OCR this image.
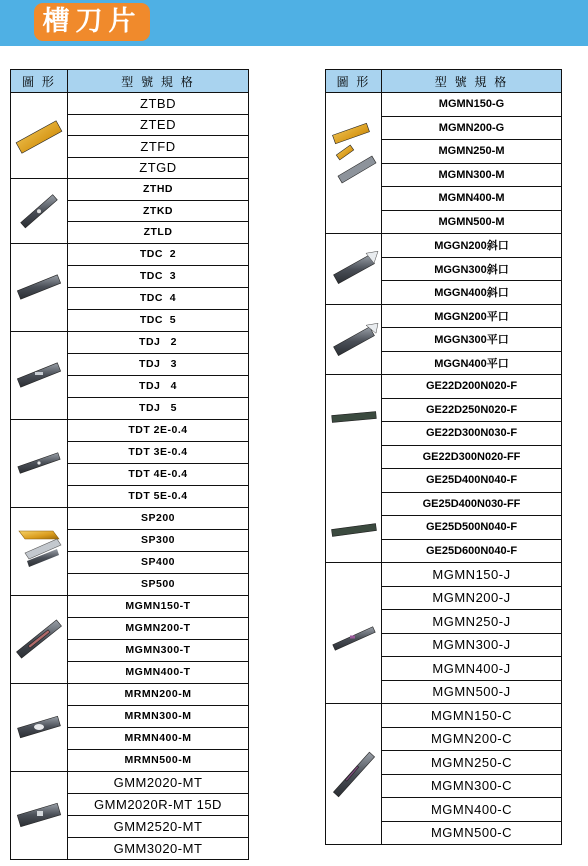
槽刀片
圖 形	型 號 規 格

	ZTBD
	ZTED
	ZTFD
	ZTGD

	ZTHD
	ZTKD
	ZTLD

	TDC  2
	TDC  3
	TDC  4
	TDC  5

	TDJ   2
	TDJ   3
	TDJ   4
	TDJ   5

	TDT 2E-0.4
	TDT 3E-0.4
	TDT 4E-0.4
	TDT 5E-0.4

	SP200
	SP300
	SP400
	SP500

	MGMN150-T
	MGMN200-T
	MGMN300-T
	MGMN400-T

	MRMN200-M
	MRMN300-M
	MRMN400-M
	MRMN500-M

	GMM2020-MT
	GMM2020R-MT 15D
	GMM2520-MT
	GMM3020-MT
圖 形	型 號 規 格

	MGMN150-G
	MGMN200-G
	MGMN250-M
	MGMN300-M
	MGMN400-M
	MGMN500-M

	MGGN200斜口
	MGGN300斜口
	MGGN400斜口

	MGGN200平口
	MGGN300平口
	MGGN400平口

	GE22D200N020-F
	GE22D250N020-F
	GE22D300N030-F
	GE22D300N020-FF
	GE25D400N040-F
	GE25D400N030-FF
	GE25D500N040-F
	GE25D600N040-F

	MGMN150-J
	MGMN200-J
	MGMN250-J
	MGMN300-J
	MGMN400-J
	MGMN500-J

	MGMN150-C
	MGMN200-C
	MGMN250-C
	MGMN300-C
	MGMN400-C
	MGMN500-C
